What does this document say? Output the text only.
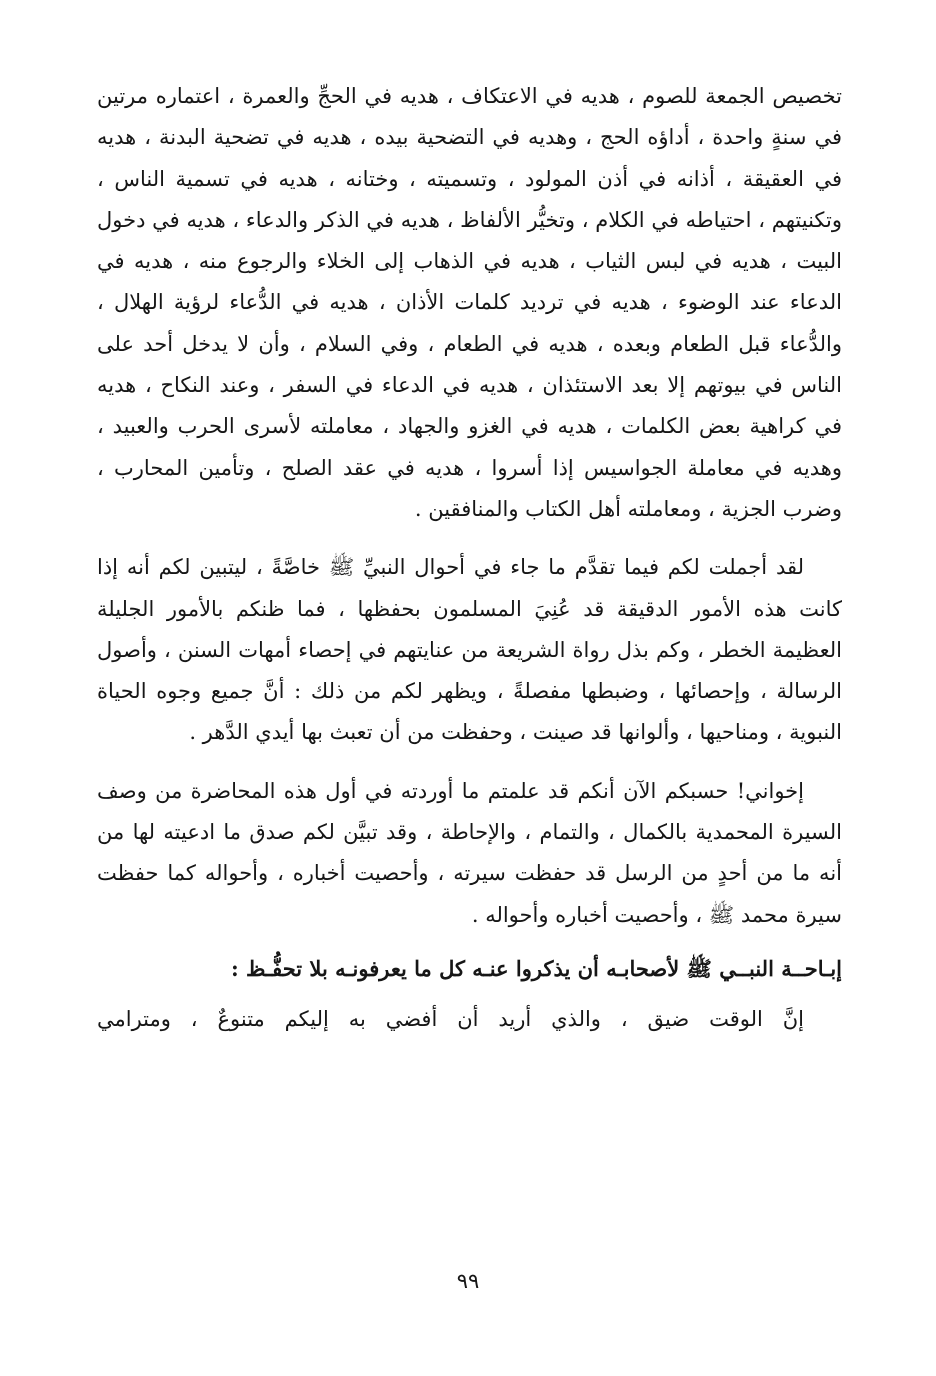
تخصيص الجمعة للصوم ، هديه في الاعتكاف ، هديه في الحجِّ والعمرة ، اعتماره مرتين في سنةٍ واحدة ، أداؤه الحج ، وهديه في التضحية بيده ، هديه في تضحية البدنة ، هديه في العقيقة ، أذانه في أذن المولود ، وتسميته ، وختانه ، هديه في تسمية الناس ، وتكنيتهم ، احتياطه في الكلام ، وتخيُّر الألفاظ ، هديه في الذكر والدعاء ، هديه في دخول البيت ، هديه في لبس الثياب ، هديه في الذهاب إلى الخلاء والرجوع منه ، هديه في الدعاء عند الوضوء ، هديه في ترديد كلمات الأذان ، هديه في الدُّعاء لرؤية الهلال ، والدُّعاء قبل الطعام وبعده ، هديه في الطعام ، وفي السلام ، وأن لا يدخل أحد على الناس في بيوتهم إلا بعد الاستئذان ، هديه في الدعاء في السفر ، وعند النكاح ، هديه في كراهية بعض الكلمات ، هديه في الغزو والجهاد ، معاملته لأسرى الحرب والعبيد ، وهديه في معاملة الجواسيس إذا أسروا ، هديه في عقد الصلح ، وتأمين المحارب ، وضرب الجزية ، ومعاملته أهل الكتاب والمنافقين .

لقد أجملت لكم فيما تقدَّم ما جاء في أحوال النبيِّ ﷺ خاصَّةً ، ليتبين لكم أنه إذا كانت هذه الأمور الدقيقة قد عُنِيَ المسلمون بحفظها ، فما ظنكم بالأمور الجليلة العظيمة الخطر ، وكم بذل رواة الشريعة من عنايتهم في إحصاء أمهات السنن ، وأصول الرسالة ، وإحصائها ، وضبطها مفصلةً ، ويظهر لكم من ذلك : أنَّ جميع وجوه الحياة النبوية ، ومناحيها ، وألوانها قد صينت ، وحفظت من أن تعبث بها أيدي الدَّهر .

إخواني! حسبكم الآن أنكم قد علمتم ما أوردته في أول هذه المحاضرة من وصف السيرة المحمدية بالكمال ، والتمام ، والإحاطة ، وقد تبيَّن لكم صدق ما ادعيته لها من أنه ما من أحدٍ من الرسل قد حفظت سيرته ، وأحصيت أخباره ، وأحواله كما حفظت سيرة محمد ﷺ ، وأحصيت أخباره وأحواله .

إبـاحــة النبــي ﷺ لأصحابـه أن يذكروا عنـه كل ما يعرفونـه بلا تحفُّـظ :

إنَّ الوقت ضيق ، والذي أريد أن أفضي به إليكم متنوعٌ ، ومترامي

٩٩
